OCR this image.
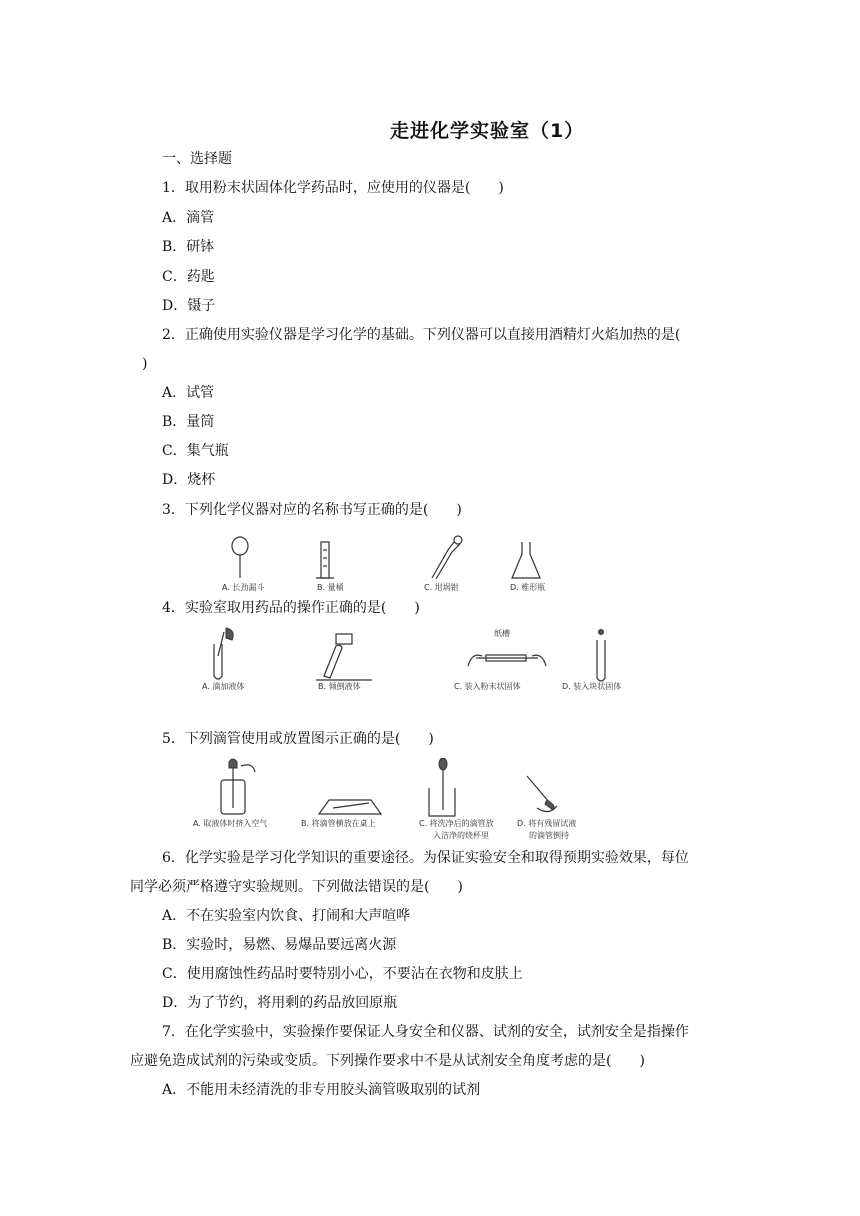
走进化学实验室（1）
一、选择题
1．取用粉末状固体化学药品时，应使用的仪器是(　　)
A．滴管
B．研钵
C．药匙
D．镊子
2．正确使用实验仪器是学习化学的基础。下列仪器可以直接用酒精灯火焰加热的是(
)
A．试管
B．量筒
C．集气瓶
D．烧杯
3．下列化学仪器对应的名称书写正确的是(　　)
A. 长劲漏斗	B. 量桶	C. 坩埚钳	D. 椎形瓶
4．实验室取用药品的操作正确的是(　　)
纸槽
A. 滴加液体	B. 倾倒液体	C. 装入粉末状固体	D. 装入块状固体
5．下列滴管使用或放置图示正确的是(　　)
A. 取液体时挤入空气	B. 将滴管横放在桌上	C. 将洗净后的滴管放
入洁净的烧杯里
D. 将有残留试液
的滴管倒持
6．化学实验是学习化学知识的重要途径。为保证实验安全和取得预期实验效果，每位
同学必须严格遵守实验规则。下列做法错误的是(　　)
A．不在实验室内饮食、打闹和大声喧哗
B．实验时，易燃、易爆品要远离火源
C．使用腐蚀性药品时要特别小心，不要沾在衣物和皮肤上
D．为了节约，将用剩的药品放回原瓶
7．在化学实验中，实验操作要保证人身安全和仪器、试剂的安全，试剂安全是指操作
应避免造成试剂的污染或变质。下列操作要求中不是从试剂安全角度考虑的是(　　)
A．不能用未经清洗的非专用胶头滴管吸取别的试剂
